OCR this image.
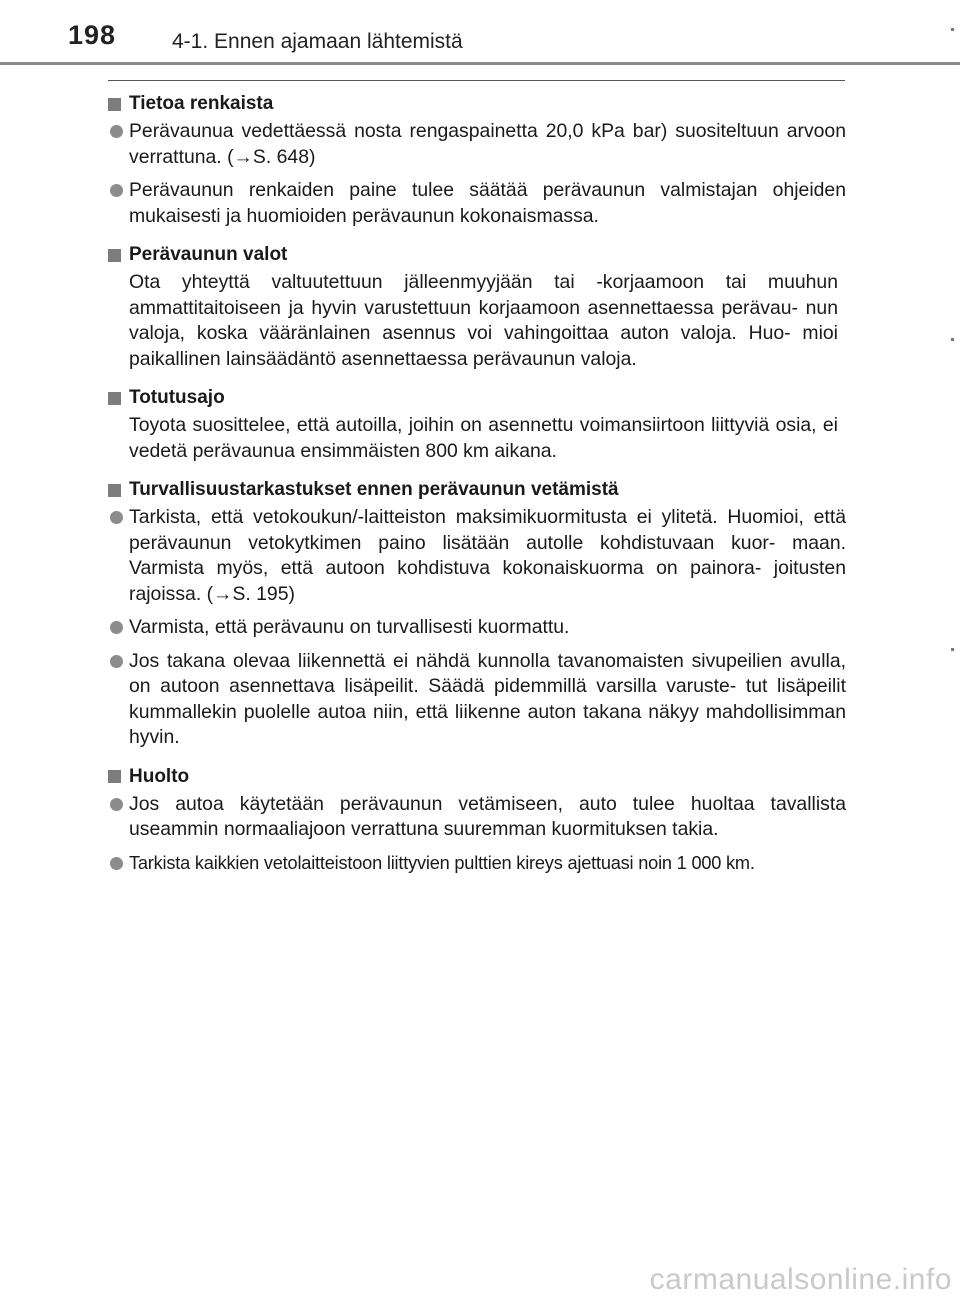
198	4-1. Ennen ajamaan lähtemistä
Tietoa renkaista
Perävaunua vedettäessä nosta rengaspainetta 20,0 kPa bar) suositeltuun arvoon verrattuna. (→S. 648)
Perävaunun renkaiden paine tulee säätää perävaunun valmistajan ohjeiden mukaisesti ja huomioiden perävaunun kokonaismassa.
Perävaunun valot
Ota yhteyttä valtuutettuun jälleenmyyjään tai -korjaamoon tai muuhun ammattitaitoiseen ja hyvin varustettuun korjaamoon asennettaessa perävau- nun valoja, koska vääränlainen asennus voi vahingoittaa auton valoja. Huo- mioi paikallinen lainsäädäntö asennettaessa perävaunun valoja.
Totutusajo
Toyota suosittelee, että autoilla, joihin on asennettu voimansiirtoon liittyviä osia, ei vedetä perävaunua ensimmäisten 800 km aikana.
Turvallisuustarkastukset ennen perävaunun vetämistä
Tarkista, että vetokoukun/-laitteiston maksimikuormitusta ei ylitetä. Huomioi, että perävaunun vetokytkimen paino lisätään autolle kohdistuvaan kuor- maan. Varmista myös, että autoon kohdistuva kokonaiskuorma on painora- joitusten rajoissa. (→S. 195)
Varmista, että perävaunu on turvallisesti kuormattu.
Jos takana olevaa liikennettä ei nähdä kunnolla tavanomaisten sivupeilien avulla, on autoon asennettava lisäpeilit. Säädä pidemmillä varsilla varuste- tut lisäpeilit kummallekin puolelle autoa niin, että liikenne auton takana näkyy mahdollisimman hyvin.
Huolto
Jos autoa käytetään perävaunun vetämiseen, auto tulee huoltaa tavallista useammin normaaliajoon verrattuna suuremman kuormituksen takia.
Tarkista kaikkien vetolaitteistoon liittyvien pulttien kireys ajettuasi noin 1 000 km.
carmanualsonline.info
